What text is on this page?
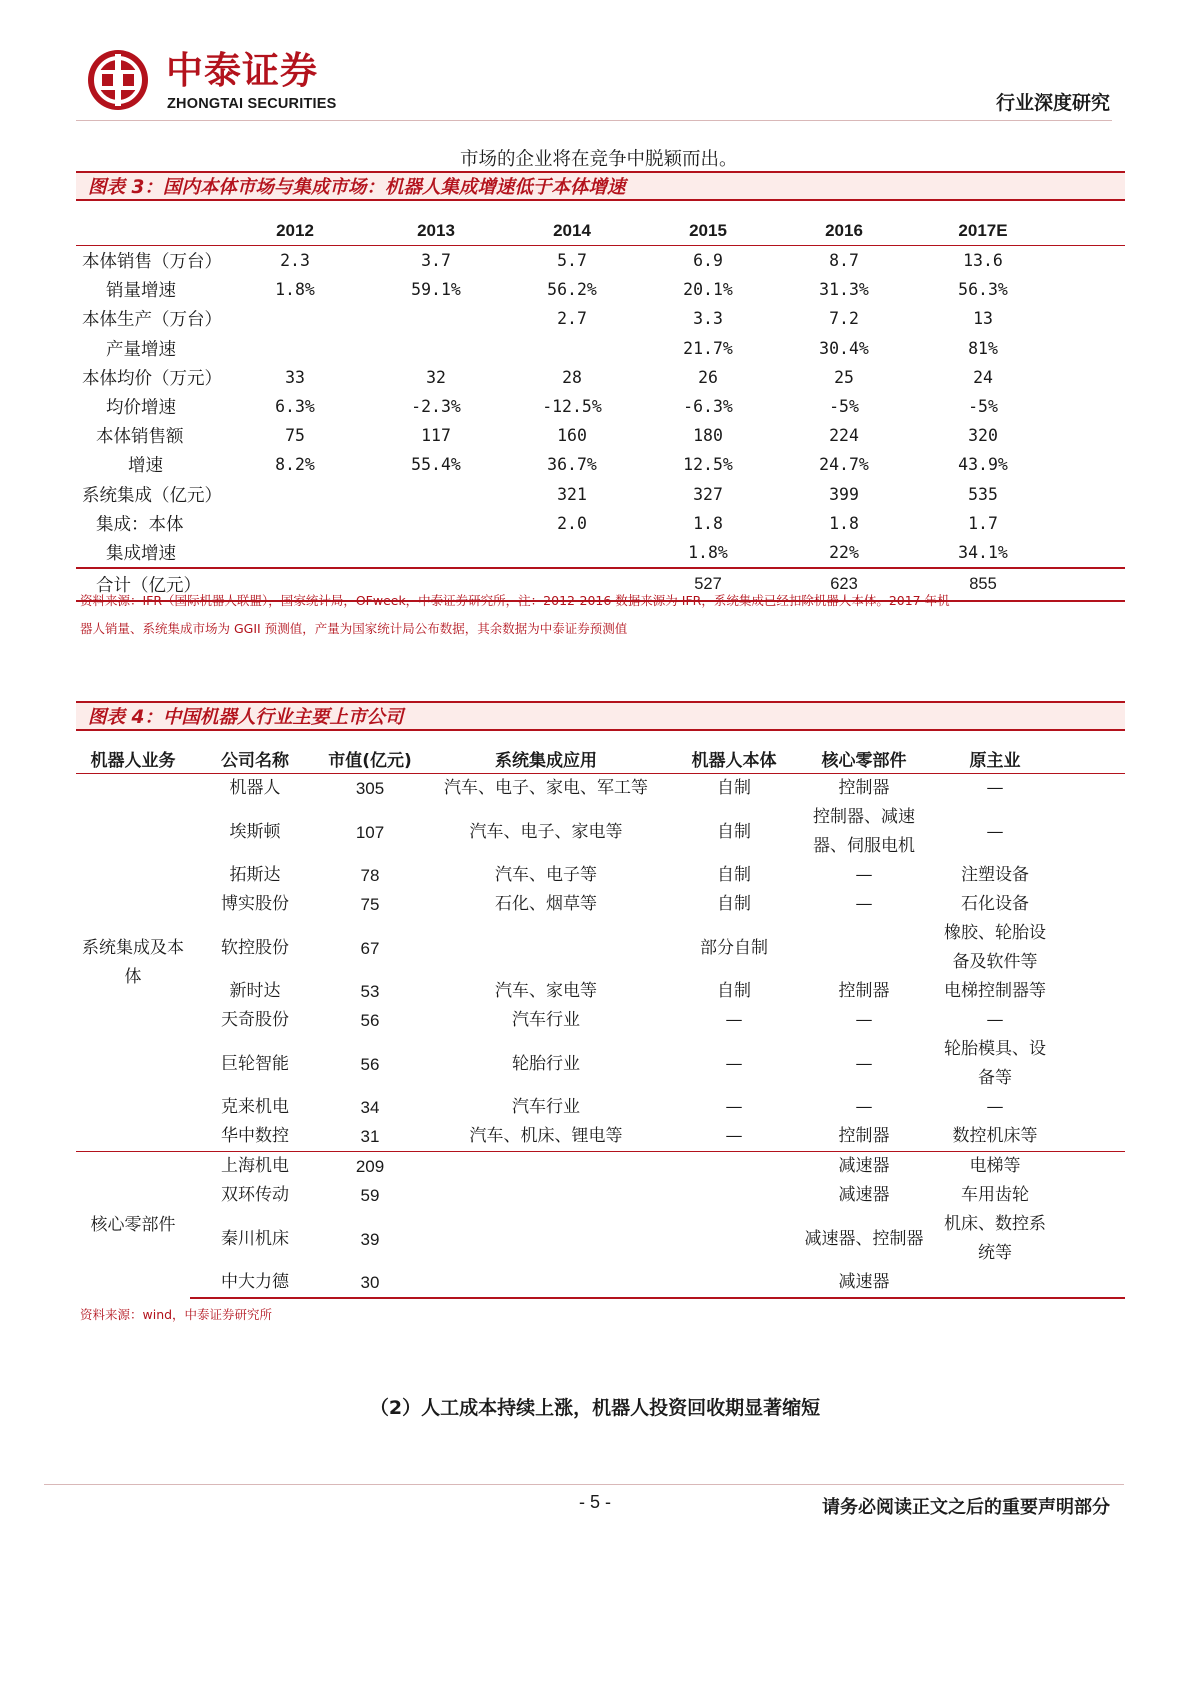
中泰证券
ZHONGTAI SECURITIES	行业深度研究
市场的企业将在竞争中脱颖而出。
图表 3：国内本体市场与集成市场：机器人集成增速低于本体增速
	2012	2013	2014	2015	2016	2017E	
本体销售（万台）	2.3	3.7	5.7	6.9	8.7	13.6	
销量增速	1.8%	59.1%	56.2%	20.1%	31.3%	56.3%	
本体生产（万台）			2.7	3.3	7.2	13	
产量增速				21.7%	30.4%	81%	
本体均价（万元）	33	32	28	26	25	24	
均价增速	6.3%	-2.3%	-12.5%	-6.3%	-5%	-5%	
本体销售额	75	117	160	180	224	320	
增速	8.2%	55.4%	36.7%	12.5%	24.7%	43.9%	
系统集成（亿元）			321	327	399	535	
集成：本体			2.0	1.8	1.8	1.7	
集成增速				1.8%	22%	34.1%	
合计（亿元）				527	623	855	
资料来源：IFR（国际机器人联盟），国家统计局，OFweek，中泰证券研究所，注：2012-2016 数据来源为 IFR，系统集成已经扣除机器人本体。2017 年机
器人销量、系统集成市场为 GGII 预测值，产量为国家统计局公布数据，其余数据为中泰证券预测值
图表 4：中国机器人行业主要上市公司
机器人业务	公司名称	市值(亿元)	系统集成应用	机器人本体	核心零部件	原主业	
系统集成及本体	机器人	305	汽车、电子、家电、军工等	自制	控制器	—	
	埃斯顿	107	汽车、电子、家电等	自制	控制器、减速器、伺服电机	—	
	拓斯达	78	汽车、电子等	自制	—	注塑设备	
	博实股份	75	石化、烟草等	自制	—	石化设备	
	软控股份	67		部分自制		橡胶、轮胎设备及软件等	
	新时达	53	汽车、家电等	自制	控制器	电梯控制器等	
	天奇股份	56	汽车行业	—	—	—	
	巨轮智能	56	轮胎行业	—	—	轮胎模具、设备等	
	克来机电	34	汽车行业	—	—	—	
	华中数控	31	汽车、机床、锂电等	—	控制器	数控机床等	
核心零部件	上海机电	209			减速器	电梯等	
	双环传动	59			减速器	车用齿轮	
	秦川机床	39			减速器、控制器	机床、数控系统等	
	中大力德	30			减速器		
资料来源：wind，中泰证券研究所
（2）人工成本持续上涨，机器人投资回收期显著缩短
- 5 -	请务必阅读正文之后的重要声明部分
